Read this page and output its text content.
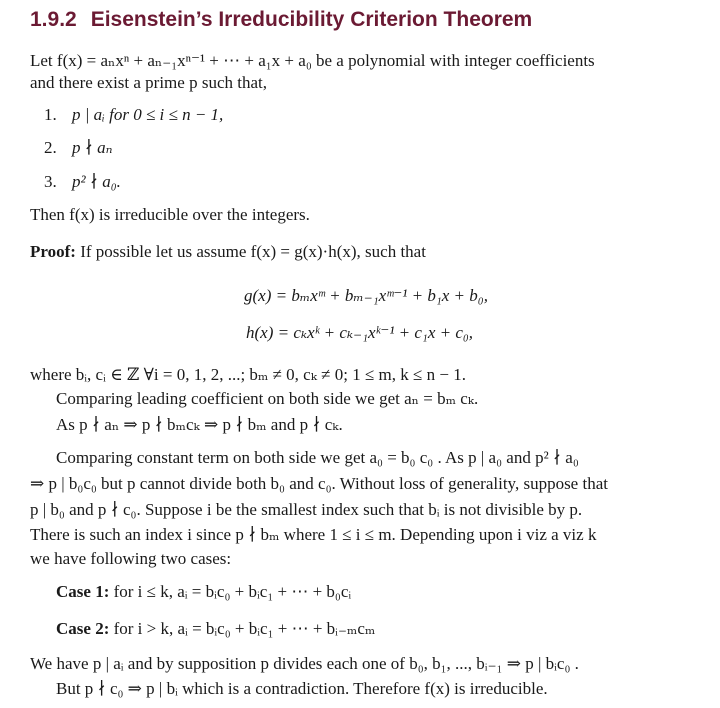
1.9.2 Eisenstein’s Irreducibility Criterion Theorem
Let f(x) = aₙxⁿ + aₙ₋₁xⁿ⁻¹ + ⋯ + a₁x + a₀ be a polynomial with integer coefficients
and there exist a prime p such that,
1. p | aᵢ for 0 ≤ i ≤ n − 1,
2. p ∤ aₙ
3. p² ∤ a₀.
Then f(x) is irreducible over the integers.
Proof: If possible let us assume f(x) = g(x)·h(x), such that
g(x) = bₘxᵐ + bₘ₋₁xᵐ⁻¹ + b₁x + b₀,
h(x) = cₖxᵏ + cₖ₋₁xᵏ⁻¹ + c₁x + c₀,
where bᵢ, cᵢ ∈ ℤ ∀i = 0, 1, 2, ...; bₘ ≠ 0, cₖ ≠ 0; 1 ≤ m, k ≤ n − 1.
Comparing leading coefficient on both side we get aₙ = bₘ cₖ.
As p ∤ aₙ ⇒ p ∤ bₘcₖ ⇒ p ∤ bₘ and p ∤ cₖ.
Comparing constant term on both side we get a₀ = b₀ c₀ . As p | a₀ and p² ∤ a₀
⇒ p | b₀c₀ but p cannot divide both b₀ and c₀. Without loss of generality, suppose that
p | b₀ and p ∤ c₀. Suppose i be the smallest index such that bᵢ is not divisible by p.
There is such an index i since p ∤ bₘ where 1 ≤ i ≤ m. Depending upon i viz a viz k
we have following two cases:
Case 1: for i ≤ k, aᵢ = bᵢc₀ + bᵢc₁ + ⋯ + b₀cᵢ
Case 2: for i > k, aᵢ = bᵢc₀ + bᵢc₁ + ⋯ + bᵢ₋ₘcₘ
We have p | aᵢ and by supposition p divides each one of b₀, b₁, ..., bᵢ₋₁ ⇒ p | bᵢc₀ .
But p ∤ c₀ ⇒ p | bᵢ which is a contradiction. Therefore f(x) is irreducible.
